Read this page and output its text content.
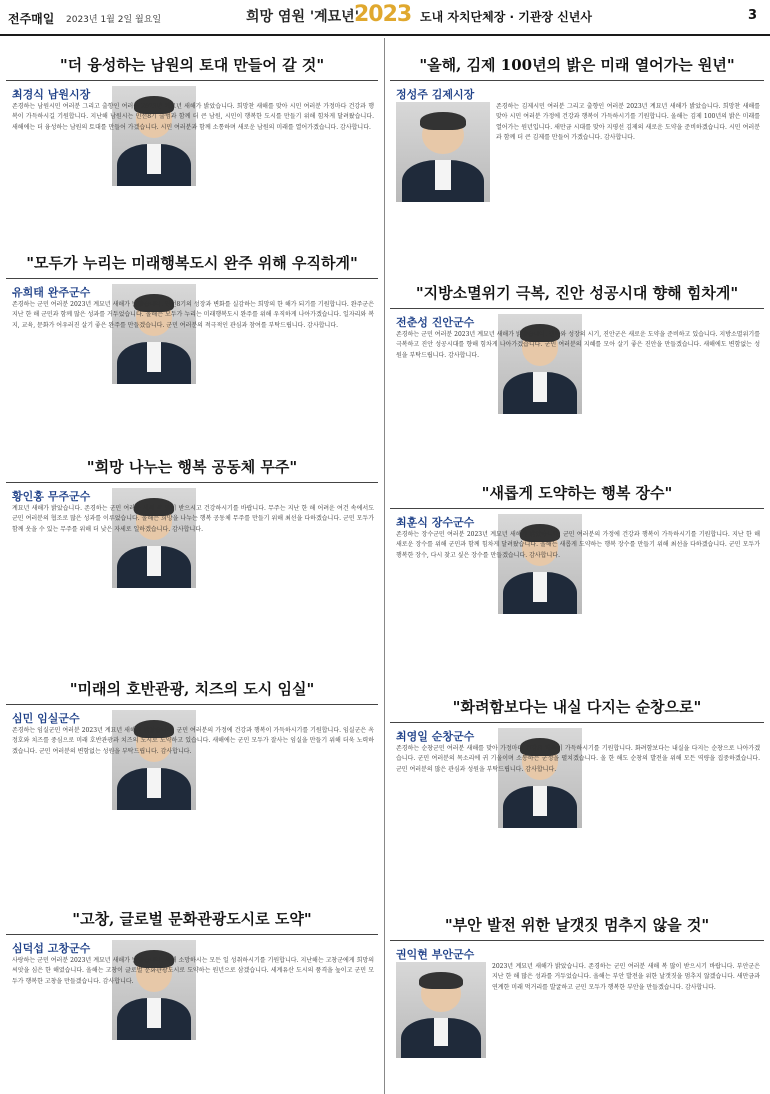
전주매일 2023년 1월 2일 월요일	희망 염원 '계묘년'
2023 도내 자치단체장 · 기관장 신년사	3
"더 융성하는 남원의 토대 만들어 갈 것"
최경식 남원시장
존경하는 남원시민 여러분 그리고 출향인 여러분 2023년 계묘년 새해가 밝았습니다. 희망찬 새해를 맞아 시민 여러분 가정마다 건강과 행복이 가득하시길 기원합니다. 지난해 남원시는 민선8기 출범과 함께 더 큰 남원, 시민이 행복한 도시를 만들기 위해 힘차게 달려왔습니다. 새해에는 더 융성하는 남원의 토대를 만들어 가겠습니다. 시민 여러분과 함께 소통하며 새로운 남원의 미래를 열어가겠습니다. 감사합니다.
"모두가 누리는 미래행복도시 완주 위해 우직하게"
유희태 완주군수
존경하는 군민 여러분 2023년 계묘년 새해가 밝았습니다. 민선8기의 성장과 변화를 실감하는 희망의 한 해가 되기를 기원합니다. 완주군은 지난 한 해 군민과 함께 많은 성과를 거두었습니다. 올해는 모두가 누리는 미래행복도시 완주를 위해 우직하게 나아가겠습니다. 일자리와 복지, 교육, 문화가 어우러진 살기 좋은 완주를 만들겠습니다. 군민 여러분의 적극적인 관심과 참여를 부탁드립니다. 감사합니다.
"희망 나누는 행복 공동체 무주"
황인홍 무주군수
계묘년 새해가 밝았습니다. 존경하는 군민 여러분 새해 복 많이 받으시고 건강하시기를 바랍니다. 무주는 지난 한 해 어려운 여건 속에서도 군민 여러분의 협조로 많은 성과를 이루었습니다. 올해는 희망을 나누는 행복 공동체 무주를 만들기 위해 최선을 다하겠습니다. 군민 모두가 함께 웃을 수 있는 무주를 위해 더 낮은 자세로 일하겠습니다. 감사합니다.
"미래의 호반관광, 치즈의 도시 임실"
심민 임실군수
존경하는 임실군민 여러분 2023년 계묘년 새해가 밝았습니다. 군민 여러분의 가정에 건강과 행복이 가득하시기를 기원합니다. 임실군은 옥정호와 치즈를 중심으로 미래 호반관광과 치즈의 도시로 도약하고 있습니다. 새해에는 군민 모두가 잘사는 임실을 만들기 위해 더욱 노력하겠습니다. 군민 여러분의 변함없는 성원을 부탁드립니다. 감사합니다.
"고창, 글로벌 문화관광도시로 도약"
심덕섭 고창군수
사랑하는 군민 여러분 2023년 계묘년 새해가 밝았습니다. 새해 소망하시는 모든 일 성취하시기를 기원합니다. 지난해는 고창군에게 희망의 씨앗을 심은 한 해였습니다. 올해는 고창이 글로벌 문화관광도시로 도약하는 원년으로 삼겠습니다. 세계유산 도시의 품격을 높이고 군민 모두가 행복한 고창을 만들겠습니다. 감사합니다.
"올해, 김제 100년의 밝은 미래 열어가는 원년"
정성주 김제시장
존경하는 김제시민 여러분 그리고 출향인 여러분 2023년 계묘년 새해가 밝았습니다. 희망찬 새해를 맞아 시민 여러분 가정에 건강과 행복이 가득하시기를 기원합니다. 올해는 김제 100년의 밝은 미래를 열어가는 원년입니다. 새만금 시대를 맞아 지평선 김제의 새로운 도약을 준비하겠습니다. 시민 여러분과 함께 더 큰 김제를 만들어 가겠습니다. 감사합니다.
"지방소멸위기 극복, 진안 성공시대 향해 힘차게"
전춘성 진안군수
존경하는 군민 여러분 2023년 계묘년 새해가 밝았습니다. 변화와 성장의 시기, 진안군은 새로운 도약을 준비하고 있습니다. 지방소멸위기를 극복하고 진안 성공시대를 향해 힘차게 나아가겠습니다. 군민 여러분의 지혜를 모아 살기 좋은 진안을 만들겠습니다. 새해에도 변함없는 성원을 부탁드립니다. 감사합니다.
"새롭게 도약하는 행복 장수"
최훈식 장수군수
존경하는 장수군민 여러분 2023년 계묘년 새해가 밝았습니다. 군민 여러분의 가정에 건강과 행복이 가득하시기를 기원합니다. 지난 한 해 새로운 장수를 위해 군민과 함께 힘차게 달려왔습니다. 올해는 새롭게 도약하는 행복 장수를 만들기 위해 최선을 다하겠습니다. 군민 모두가 행복한 장수, 다시 찾고 싶은 장수를 만들겠습니다. 감사합니다.
"화려함보다는 내실 다지는 순창으로"
최영일 순창군수
존경하는 순창군민 여러분 새해를 맞아 가정마다 건강과 행복이 가득하시기를 기원합니다. 화려함보다는 내실을 다지는 순창으로 나아가겠습니다. 군민 여러분의 목소리에 귀 기울이며 소통하는 군정을 펼치겠습니다. 올 한 해도 순창의 발전을 위해 모든 역량을 집중하겠습니다. 군민 여러분의 많은 관심과 성원을 부탁드립니다. 감사합니다.
"부안 발전 위한 날갯짓 멈추지 않을 것"
권익현 부안군수
2023년 계묘년 새해가 밝았습니다. 존경하는 군민 여러분 새해 복 많이 받으시기 바랍니다. 부안군은 지난 한 해 많은 성과를 거두었습니다. 올해는 부안 발전을 위한 날갯짓을 멈추지 않겠습니다. 새만금과 연계한 미래 먹거리를 발굴하고 군민 모두가 행복한 부안을 만들겠습니다. 감사합니다.
